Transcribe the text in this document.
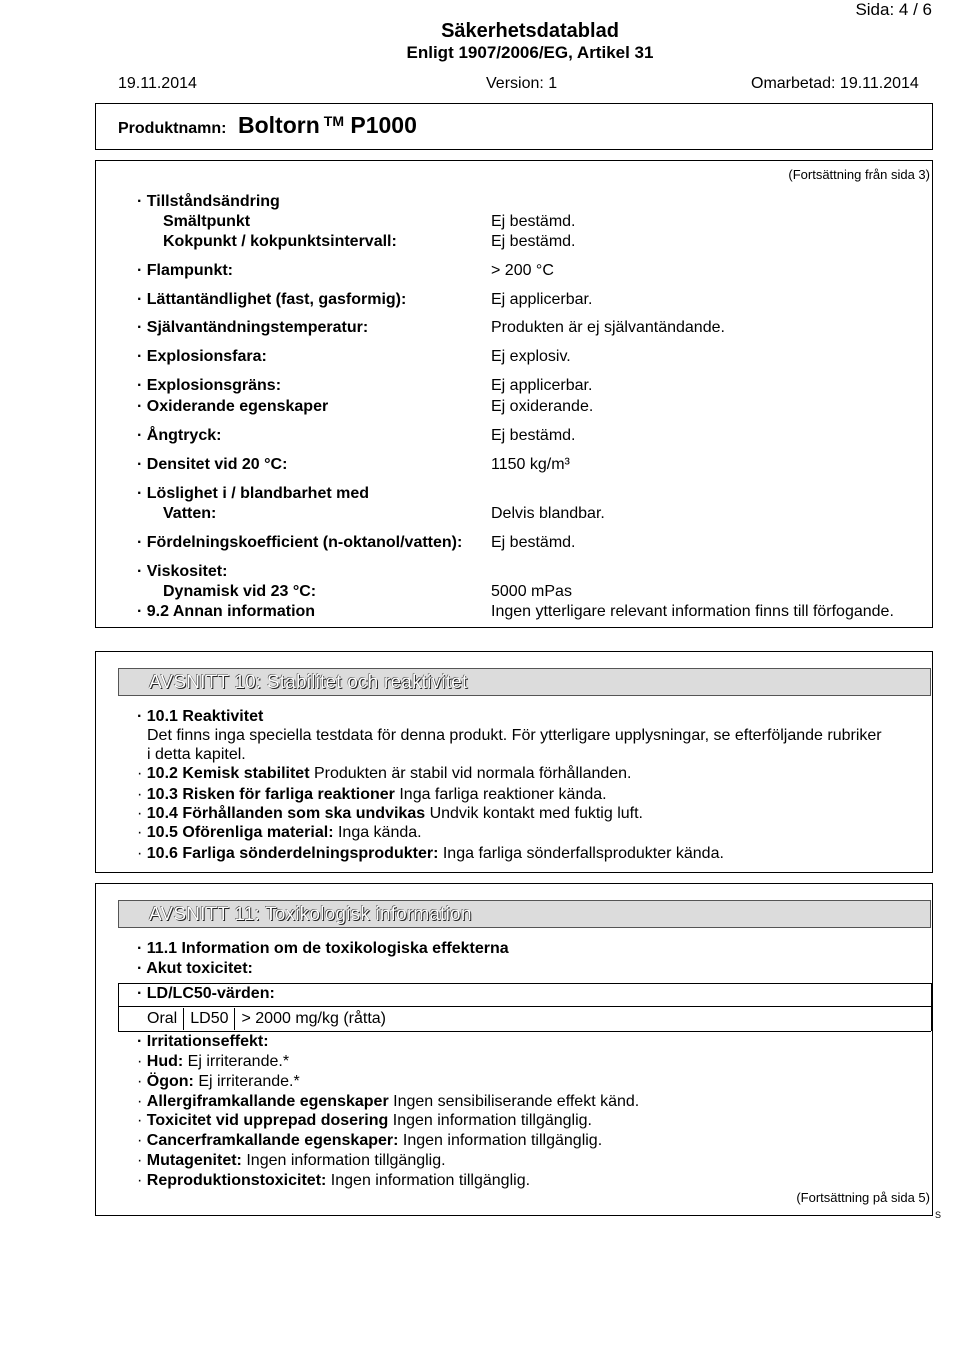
Sida: 4 / 6
Säkerhetsdatablad
Enligt 1907/2006/EG, Artikel 31
19.11.2014	Version: 1	Omarbetad: 19.11.2014
Produktnamn: Boltorn ™ P1000
(Fortsättning från sida 3)
· Tillståndsändring
Smältpunkt	Ej bestämd.
Kokpunkt / kokpunktsintervall:	Ej bestämd.
· Flampunkt:	> 200 °C
· Lättantändlighet (fast, gasformig):	Ej applicerbar.
· Självantändningstemperatur:	Produkten är ej självantändande.
· Explosionsfara:	Ej explosiv.
· Explosionsgräns:	Ej applicerbar.
· Oxiderande egenskaper	Ej oxiderande.
· Ångtryck:	Ej bestämd.
· Densitet vid 20 °C:	1150 kg/m³
· Löslighet i / blandbarhet med
Vatten:	Delvis blandbar.
· Fördelningskoefficient (n-oktanol/vatten): Ej bestämd.
· Viskositet:
Dynamisk vid 23 °C:	5000 mPas
· 9.2 Annan information	Ingen ytterligare relevant information finns till förfogande.
AVSNITT 10: Stabilitet och reaktivitet
· 10.1 Reaktivitet
Det finns inga speciella testdata för denna produkt. För ytterligare upplysningar, se efterföljande rubriker
i detta kapitel.
· 10.2 Kemisk stabilitet Produkten är stabil vid normala förhållanden.
· 10.3 Risken för farliga reaktioner Inga farliga reaktioner kända.
· 10.4 Förhållanden som ska undvikas Undvik kontakt med fuktig luft.
· 10.5 Oförenliga material: Inga kända.
· 10.6 Farliga sönderdelningsprodukter: Inga farliga sönderfallsprodukter kända.
AVSNITT 11: Toxikologisk information
· 11.1 Information om de toxikologiska effekterna
· Akut toxicitet:
· LD/LC50-värden:
Oral	LD50	> 2000 mg/kg (råtta)
· Irritationseffekt:
· Hud: Ej irriterande.*
· Ögon: Ej irriterande.*
· Allergiframkallande egenskaper Ingen sensibiliserande effekt känd.
· Toxicitet vid upprepad dosering Ingen information tillgänglig.
· Cancerframkallande egenskaper: Ingen information tillgänglig.
· Mutagenitet: Ingen information tillgänglig.
· Reproduktionstoxicitet: Ingen information tillgänglig.
(Fortsättning på sida 5)
S
